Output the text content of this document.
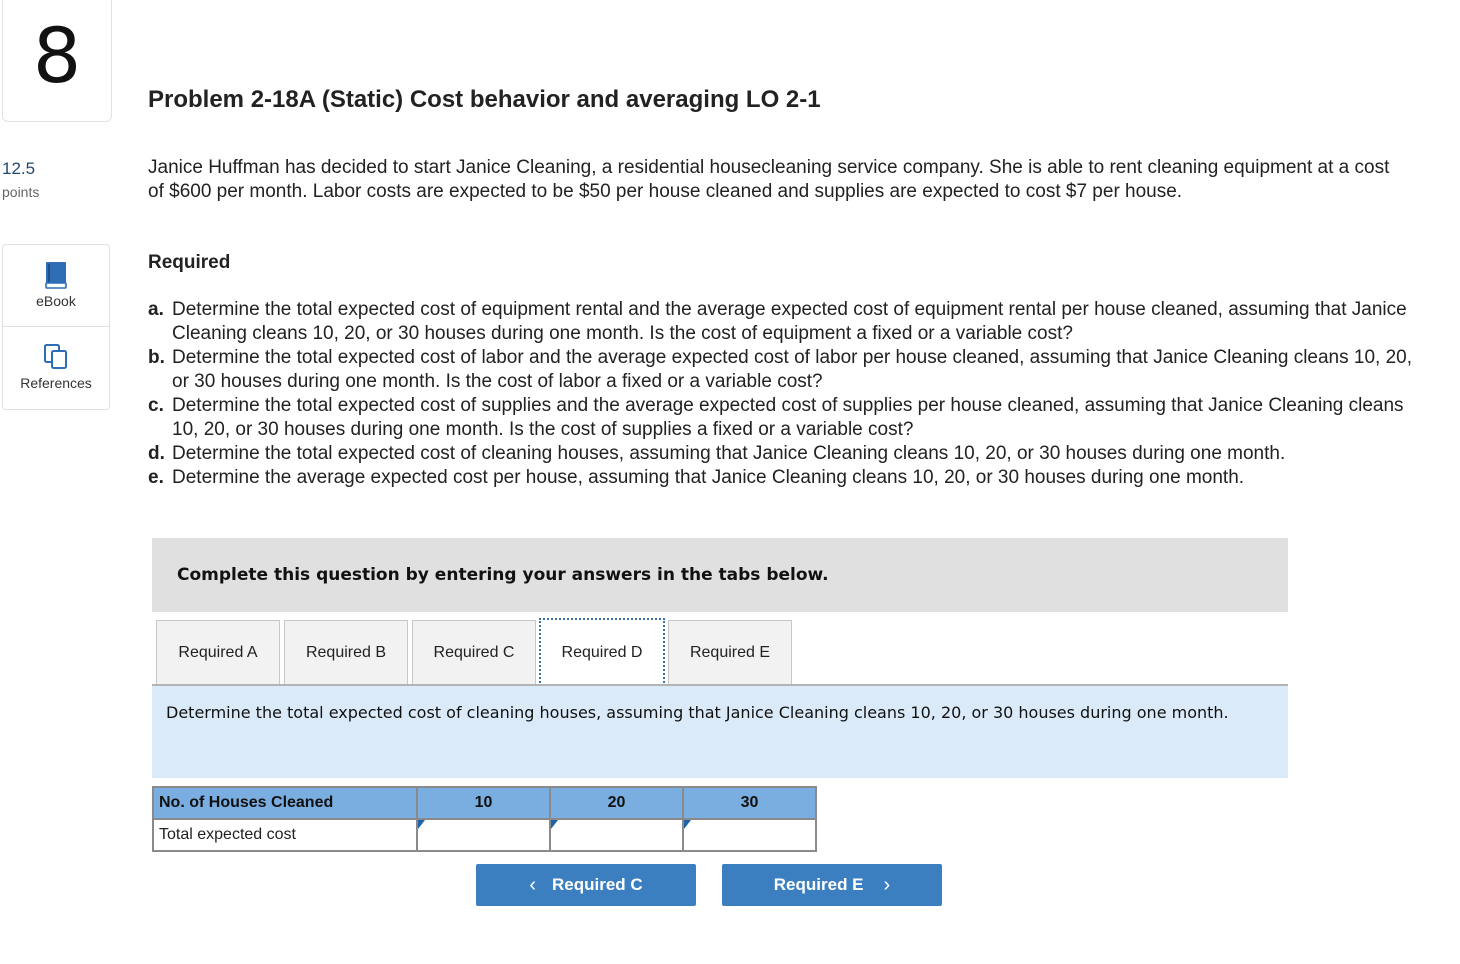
8
12.5
points
eBook
References
Problem 2-18A (Static) Cost behavior and averaging LO 2-1
Janice Huffman has decided to start Janice Cleaning, a residential housecleaning service company. She is able to rent cleaning equipment at a cost of $600 per month. Labor costs are expected to be $50 per house cleaned and supplies are expected to cost $7 per house.
Required
a. Determine the total expected cost of equipment rental and the average expected cost of equipment rental per house cleaned, assuming that Janice Cleaning cleans 10, 20, or 30 houses during one month. Is the cost of equipment a fixed or a variable cost?
b. Determine the total expected cost of labor and the average expected cost of labor per house cleaned, assuming that Janice Cleaning cleans 10, 20, or 30 houses during one month. Is the cost of labor a fixed or a variable cost?
c. Determine the total expected cost of supplies and the average expected cost of supplies per house cleaned, assuming that Janice Cleaning cleans 10, 20, or 30 houses during one month. Is the cost of supplies a fixed or a variable cost?
d. Determine the total expected cost of cleaning houses, assuming that Janice Cleaning cleans 10, 20, or 30 houses during one month.
e. Determine the average expected cost per house, assuming that Janice Cleaning cleans 10, 20, or 30 houses during one month.
Complete this question by entering your answers in the tabs below.
Required A	Required B	Required C	Required D	Required E

Determine the total expected cost of cleaning houses, assuming that Janice Cleaning cleans 10, 20, or 30 houses during one month.

No. of Houses Cleaned	10	20	30
Total expected cost	

‹ Required C	Required E ›
